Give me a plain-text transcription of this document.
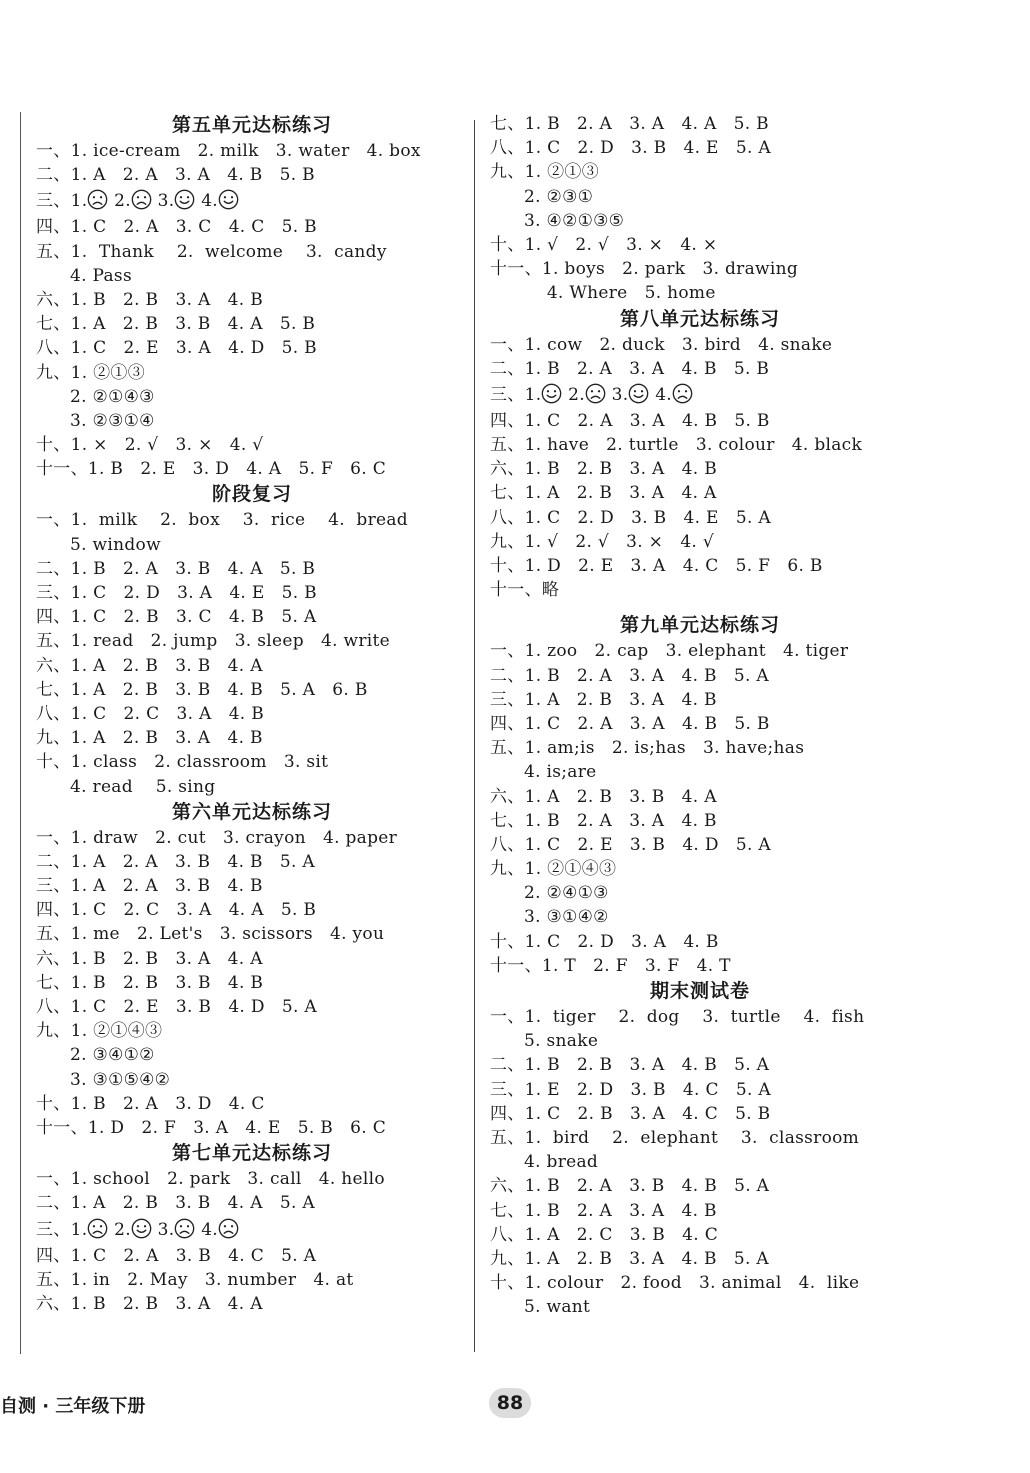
第五单元达标练习
一、1. ice-cream   2. milk   3. water   4. box
二、1. A   2. A   3. A   4. B   5. B
三、1. 2. 3. 4.
四、1. C   2. A   3. C   4. C   5. B
五、1.  Thank    2.  welcome    3.  candy
4. Pass
六、1. B   2. B   3. A   4. B
七、1. A   2. B   3. B   4. A   5. B
八、1. C   2. E   3. A   4. D   5. B
九、1. ②①③
2. ②①④③
3. ②③①④
十、1. ×   2. √   3. ×   4. √
十一、1. B   2. E   3. D   4. A   5. F   6. C
阶段复习
一、1.  milk    2.  box    3.  rice    4.  bread
5. window
二、1. B   2. A   3. B   4. A   5. B
三、1. C   2. D   3. A   4. E   5. B
四、1. C   2. B   3. C   4. B   5. A
五、1. read   2. jump   3. sleep   4. write
六、1. A   2. B   3. B   4. A
七、1. A   2. B   3. B   4. B   5. A   6. B
八、1. C   2. C   3. A   4. B
九、1. A   2. B   3. A   4. B
十、1. class   2. classroom   3. sit
4. read    5. sing
第六单元达标练习
一、1. draw   2. cut   3. crayon   4. paper
二、1. A   2. A   3. B   4. B   5. A
三、1. A   2. A   3. B   4. B
四、1. C   2. C   3. A   4. A   5. B
五、1. me   2. Let's   3. scissors   4. you
六、1. B   2. B   3. A   4. A
七、1. B   2. B   3. B   4. B
八、1. C   2. E   3. B   4. D   5. A
九、1. ②①④③
2. ③④①②
3. ③①⑤④②
十、1. B   2. A   3. D   4. C
十一、1. D   2. F   3. A   4. E   5. B   6. C
第七单元达标练习
一、1. school   2. park   3. call   4. hello
二、1. A   2. B   3. B   4. A   5. A
三、1. 2. 3. 4.
四、1. C   2. A   3. B   4. C   5. A
五、1. in   2. May   3. number   4. at
六、1. B   2. B   3. A   4. A
七、1. B   2. A   3. A   4. A   5. B
八、1. C   2. D   3. B   4. E   5. A
九、1. ②①③
2. ②③①
3. ④②①③⑤
十、1. √   2. √   3. ×   4. ×
十一、1. boys   2. park   3. drawing
4. Where   5. home
第八单元达标练习
一、1. cow   2. duck   3. bird   4. snake
二、1. B   2. A   3. A   4. B   5. B
三、1. 2. 3. 4.
四、1. C   2. A   3. A   4. B   5. B
五、1. have   2. turtle   3. colour   4. black
六、1. B   2. B   3. A   4. B
七、1. A   2. B   3. A   4. A
八、1. C   2. D   3. B   4. E   5. A
九、1. √   2. √   3. ×   4. √
十、1. D   2. E   3. A   4. C   5. F   6. B
十一、略
第九单元达标练习
一、1. zoo   2. cap   3. elephant   4. tiger
二、1. B   2. A   3. A   4. B   5. A
三、1. A   2. B   3. A   4. B
四、1. C   2. A   3. A   4. B   5. B
五、1. am;is   2. is;has   3. have;has
4. is;are
六、1. A   2. B   3. B   4. A
七、1. B   2. A   3. A   4. B
八、1. C   2. E   3. B   4. D   5. A
九、1. ②①④③
2. ②④①③
3. ③①④②
十、1. C   2. D   3. A   4. B
十一、1. T   2. F   3. F   4. T
期末测试卷
一、1.  tiger    2.  dog    3.  turtle    4.  fish
5. snake
二、1. B   2. B   3. A   4. B   5. A
三、1. E   2. D   3. B   4. C   5. A
四、1. C   2. B   3. A   4. C   5. B
五、1.  bird    2.  elephant    3.  classroom
4. bread
六、1. B   2. A   3. B   4. B   5. A
七、1. B   2. A   3. A   4. B
八、1. A   2. C   3. B   4. C
九、1. A   2. B   3. A   4. B   5. A
十、1. colour   2. food   3. animal   4.  like
5. want
自测 · 三年级下册	88
